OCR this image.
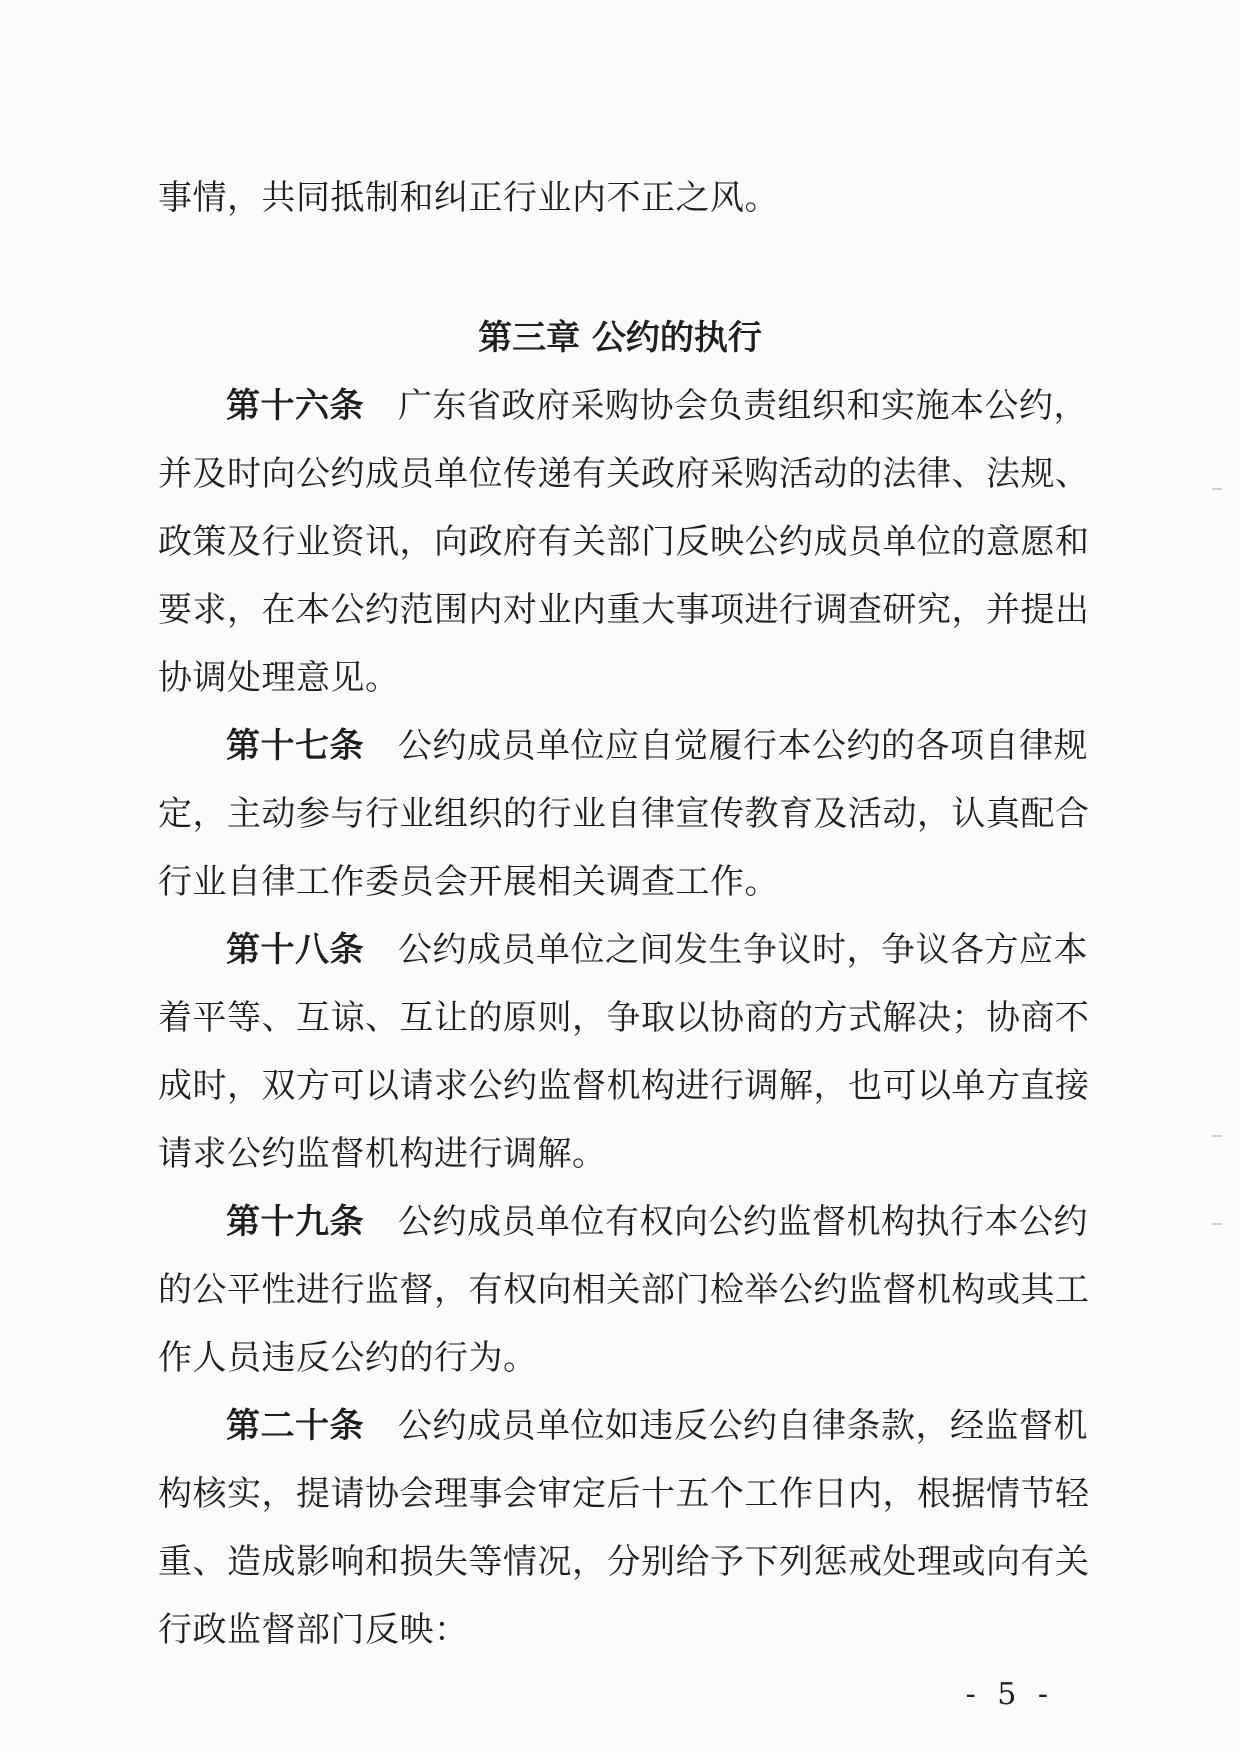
事情，共同抵制和纠正行业内不正之风。
第三章 公约的执行
第十六条 广东省政府采购协会负责组织和实施本公约，
并及时向公约成员单位传递有关政府采购活动的法律、法规、
政策及行业资讯，向政府有关部门反映公约成员单位的意愿和
要求，在本公约范围内对业内重大事项进行调查研究，并提出
协调处理意见。
第十七条 公约成员单位应自觉履行本公约的各项自律规
定，主动参与行业组织的行业自律宣传教育及活动，认真配合
行业自律工作委员会开展相关调查工作。
第十八条 公约成员单位之间发生争议时，争议各方应本
着平等、互谅、互让的原则，争取以协商的方式解决；协商不
成时，双方可以请求公约监督机构进行调解，也可以单方直接
请求公约监督机构进行调解。
第十九条 公约成员单位有权向公约监督机构执行本公约
的公平性进行监督，有权向相关部门检举公约监督机构或其工
作人员违反公约的行为。
第二十条 公约成员单位如违反公约自律条款，经监督机
构核实，提请协会理事会审定后十五个工作日内，根据情节轻
重、造成影响和损失等情况，分别给予下列惩戒处理或向有关
行政监督部门反映：
- 5 -
